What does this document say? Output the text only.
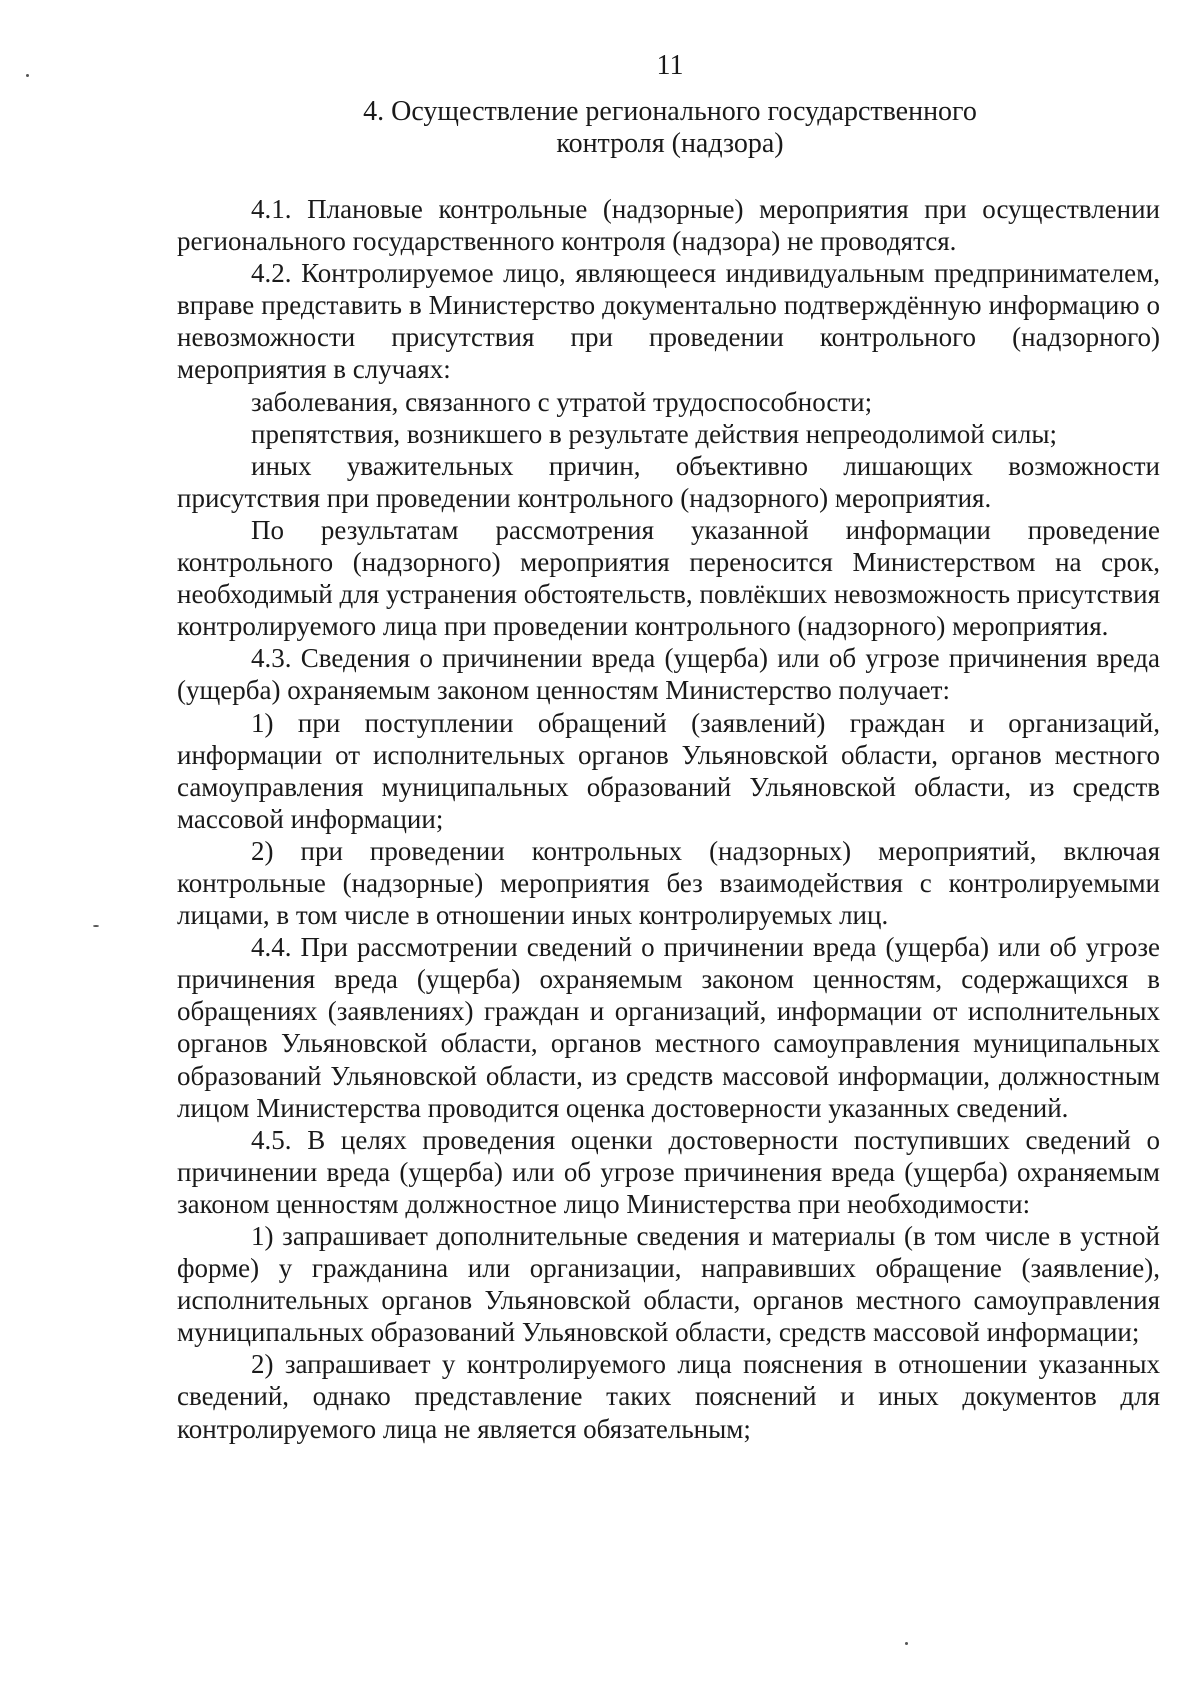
11
4. Осуществление регионального государственного
контроля (надзора)

4.1. Плановые контрольные (надзорные) мероприятия при осуществлении регионального государственного контроля (надзора) не проводятся.

4.2. Контролируемое лицо, являющееся индивидуальным предпринимателем, вправе представить в Министерство документально подтверждённую информацию о невозможности присутствия при проведении контрольного (надзорного) мероприятия в случаях:

заболевания, связанного с утратой трудоспособности;

препятствия, возникшего в результате действия непреодолимой силы;

иных уважительных причин, объективно лишающих возможности присутствия при проведении контрольного (надзорного) мероприятия.

По результатам рассмотрения указанной информации проведение контрольного (надзорного) мероприятия переносится Министерством на срок, необходимый для устранения обстоятельств, повлёкших невозможность присутствия контролируемого лица при проведении контрольного (надзорного) мероприятия.

4.3. Сведения о причинении вреда (ущерба) или об угрозе причинения вреда (ущерба) охраняемым законом ценностям Министерство получает:

1) при поступлении обращений (заявлений) граждан и организаций, информации от исполнительных органов Ульяновской области, органов местного самоуправления муниципальных образований Ульяновской области, из средств массовой информации;

2) при проведении контрольных (надзорных) мероприятий, включая контрольные (надзорные) мероприятия без взаимодействия с контролируемыми лицами, в том числе в отношении иных контролируемых лиц.

4.4. При рассмотрении сведений о причинении вреда (ущерба) или об угрозе причинения вреда (ущерба) охраняемым законом ценностям, содержащихся в обращениях (заявлениях) граждан и организаций, информации от исполнительных органов Ульяновской области, органов местного самоуправления муниципальных образований Ульяновской области, из средств массовой информации, должностным лицом Министерства проводится оценка достоверности указанных сведений.

4.5. В целях проведения оценки достоверности поступивших сведений о причинении вреда (ущерба) или об угрозе причинения вреда (ущерба) охраняемым законом ценностям должностное лицо Министерства при необходимости:

1) запрашивает дополнительные сведения и материалы (в том числе в устной форме) у гражданина или организации, направивших обращение (заявление), исполнительных органов Ульяновской области, органов местного самоуправления муниципальных образований Ульяновской области, средств массовой информации;

2) запрашивает у контролируемого лица пояснения в отношении указанных сведений, однако представление таких пояснений и иных документов для контролируемого лица не является обязательным;
